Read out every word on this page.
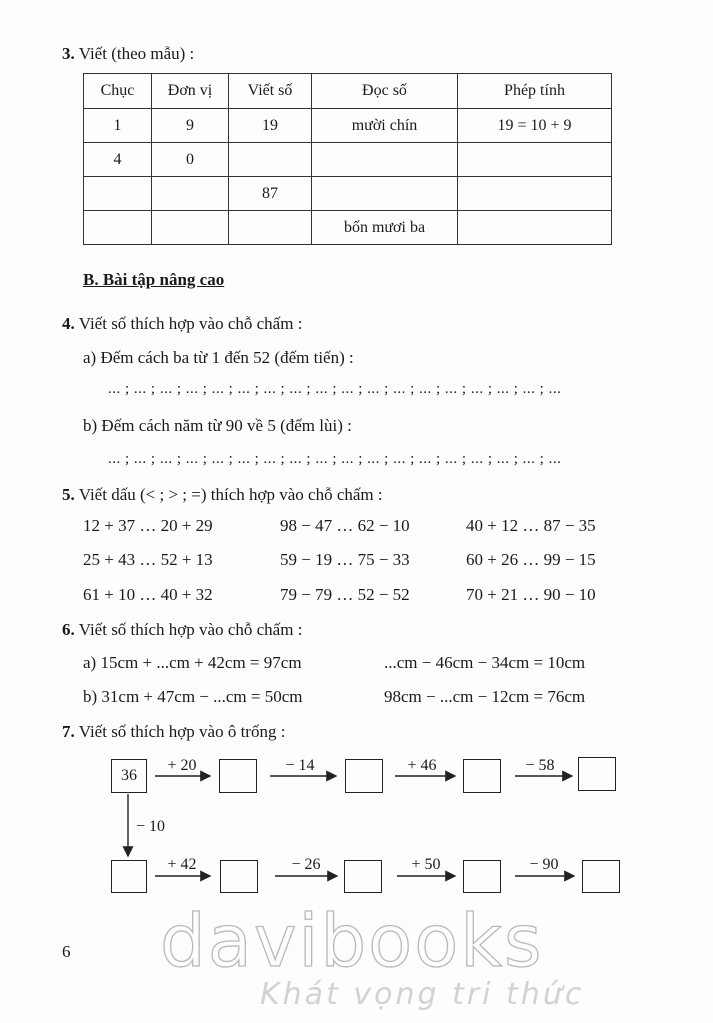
3. Viết (theo mẫu) :
Chục	Đơn vị	Viết số	Đọc số	Phép tính
1	9	19	mười chín	19 = 10 + 9
4	0			
		87		
			bốn mươi ba	
B. Bài tập nâng cao
4. Viết số thích hợp vào chỗ chấm :
a) Đếm cách ba từ 1 đến 52 (đếm tiến) :
... ; ... ; ... ; ... ; ... ; ... ; ... ; ... ; ... ; ... ; ... ; ... ; ... ; ... ; ... ; ... ; ... ; ...
b) Đếm cách năm từ 90 về 5 (đếm lùi) :
... ; ... ; ... ; ... ; ... ; ... ; ... ; ... ; ... ; ... ; ... ; ... ; ... ; ... ; ... ; ... ; ... ; ...
5. Viết dấu (< ; > ; =) thích hợp vào chỗ chấm :
12 + 37 … 20 + 29	98 − 47 … 62 − 10	40 + 12 … 87 − 35
25 + 43 … 52 + 13	59 − 19 … 75 − 33	60 + 26 … 99 − 15
61 + 10 … 40 + 32	79 − 79 … 52 − 52	70 + 21 … 90 − 10
6. Viết số thích hợp vào chỗ chấm :
a) 15cm + ...cm + 42cm = 97cm	...cm − 46cm − 34cm = 10cm
b) 31cm + 47cm − ...cm = 50cm	98cm − ...cm − 12cm = 76cm
7. Viết số thích hợp vào ô trống :
36
+ 20	− 14	+ 46	− 58
− 10
+ 42	− 26	+ 50	− 90
6 davibooks
Khát vọng tri thức
